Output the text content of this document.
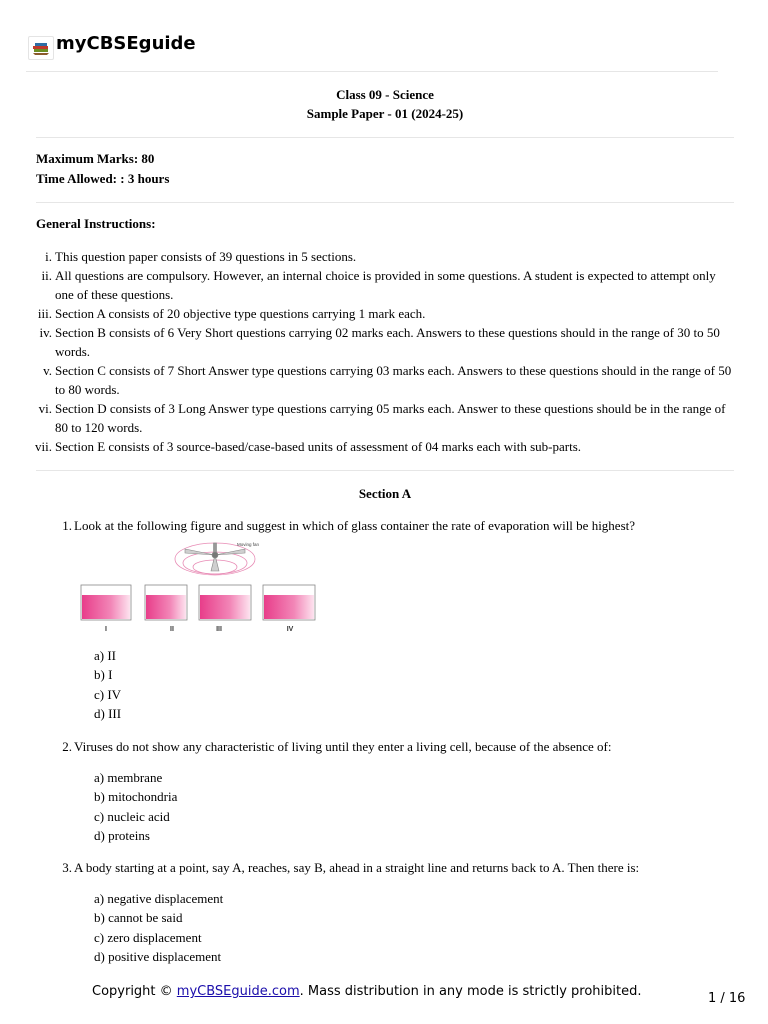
myCBSEguide
Class 09 - Science
Sample Paper - 01 (2024-25)
Maximum Marks: 80
Time Allowed: : 3 hours
General Instructions:
i. This question paper consists of 39 questions in 5 sections.
ii. All questions are compulsory. However, an internal choice is provided in some questions. A student is expected to attempt only one of these questions.
iii. Section A consists of 20 objective type questions carrying 1 mark each.
iv. Section B consists of 6 Very Short questions carrying 02 marks each. Answers to these questions should in the range of 30 to 50 words.
v. Section C consists of 7 Short Answer type questions carrying 03 marks each. Answers to these questions should in the range of 50 to 80 words.
vi. Section D consists of 3 Long Answer type questions carrying 05 marks each. Answer to these questions should be in the range of 80 to 120 words.
vii. Section E consists of 3 source-based/case-based units of assessment of 04 marks each with sub-parts.
Section A
1. Look at the following figure and suggest in which of glass container the rate of evaporation will be highest?
Moving fan
I	II	III	IV
a) II
b) I
c) IV
d) III
2. Viruses do not show any characteristic of living until they enter a living cell, because of the absence of:
a) membrane
b) mitochondria
c) nucleic acid
d) proteins
3. A body starting at a point, say A, reaches, say B, ahead in a straight line and returns back to A. Then there is:
a) negative displacement
b) cannot be said
c) zero displacement
d) positive displacement
Copyright © myCBSEguide.com. Mass distribution in any mode is strictly prohibited.	1 / 16
